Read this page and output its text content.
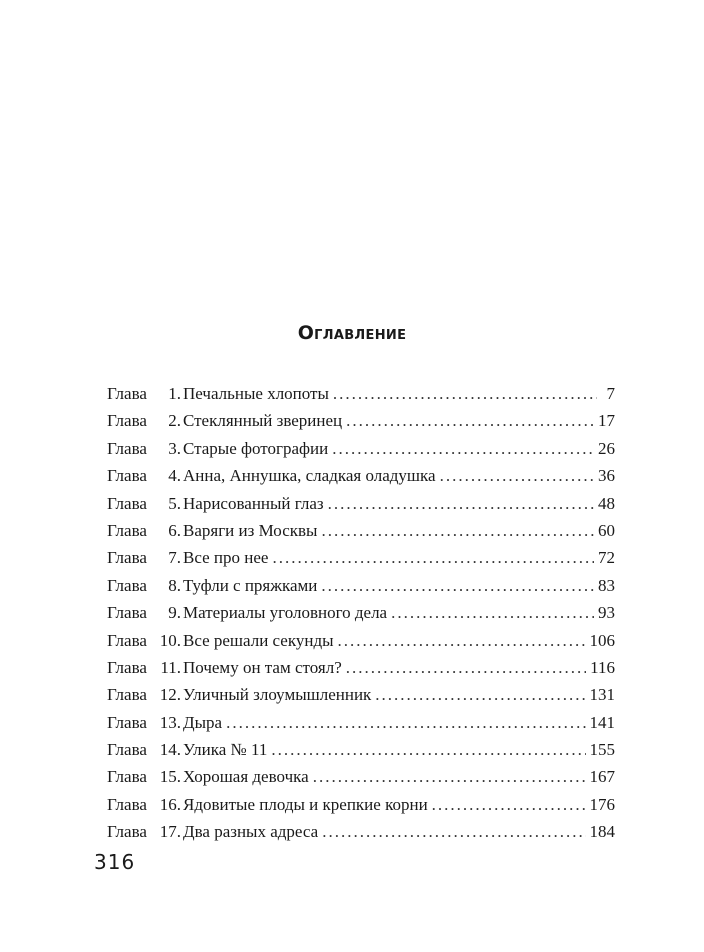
Оглавление
Глава	1. Печальные хлопоты .....	7
Глава	2. Стеклянный зверинец .....	17
Глава	3. Старые фотографии .....	26
Глава	4. Анна, Аннушка, сладкая оладушка .....	36
Глава	5. Нарисованный глаз .....	48
Глава	6. Варяги из Москвы .....	60
Глава	7. Все про нее .....	72
Глава	8. Туфли с пряжками .....	83
Глава	9. Материалы уголовного дела .....	93
Глава 10. Все решали секунды .....	106
Глава 11. Почему он там стоял? .....	116
Глава 12. Уличный злоумышленник .....	131
Глава 13. Дыра .....	141
Глава 14. Улика № 11 .....	155
Глава 15. Хорошая девочка .....	167
Глава 16. Ядовитые плоды и крепкие корни .....	176
Глава 17. Два разных адреса .....	184
316
